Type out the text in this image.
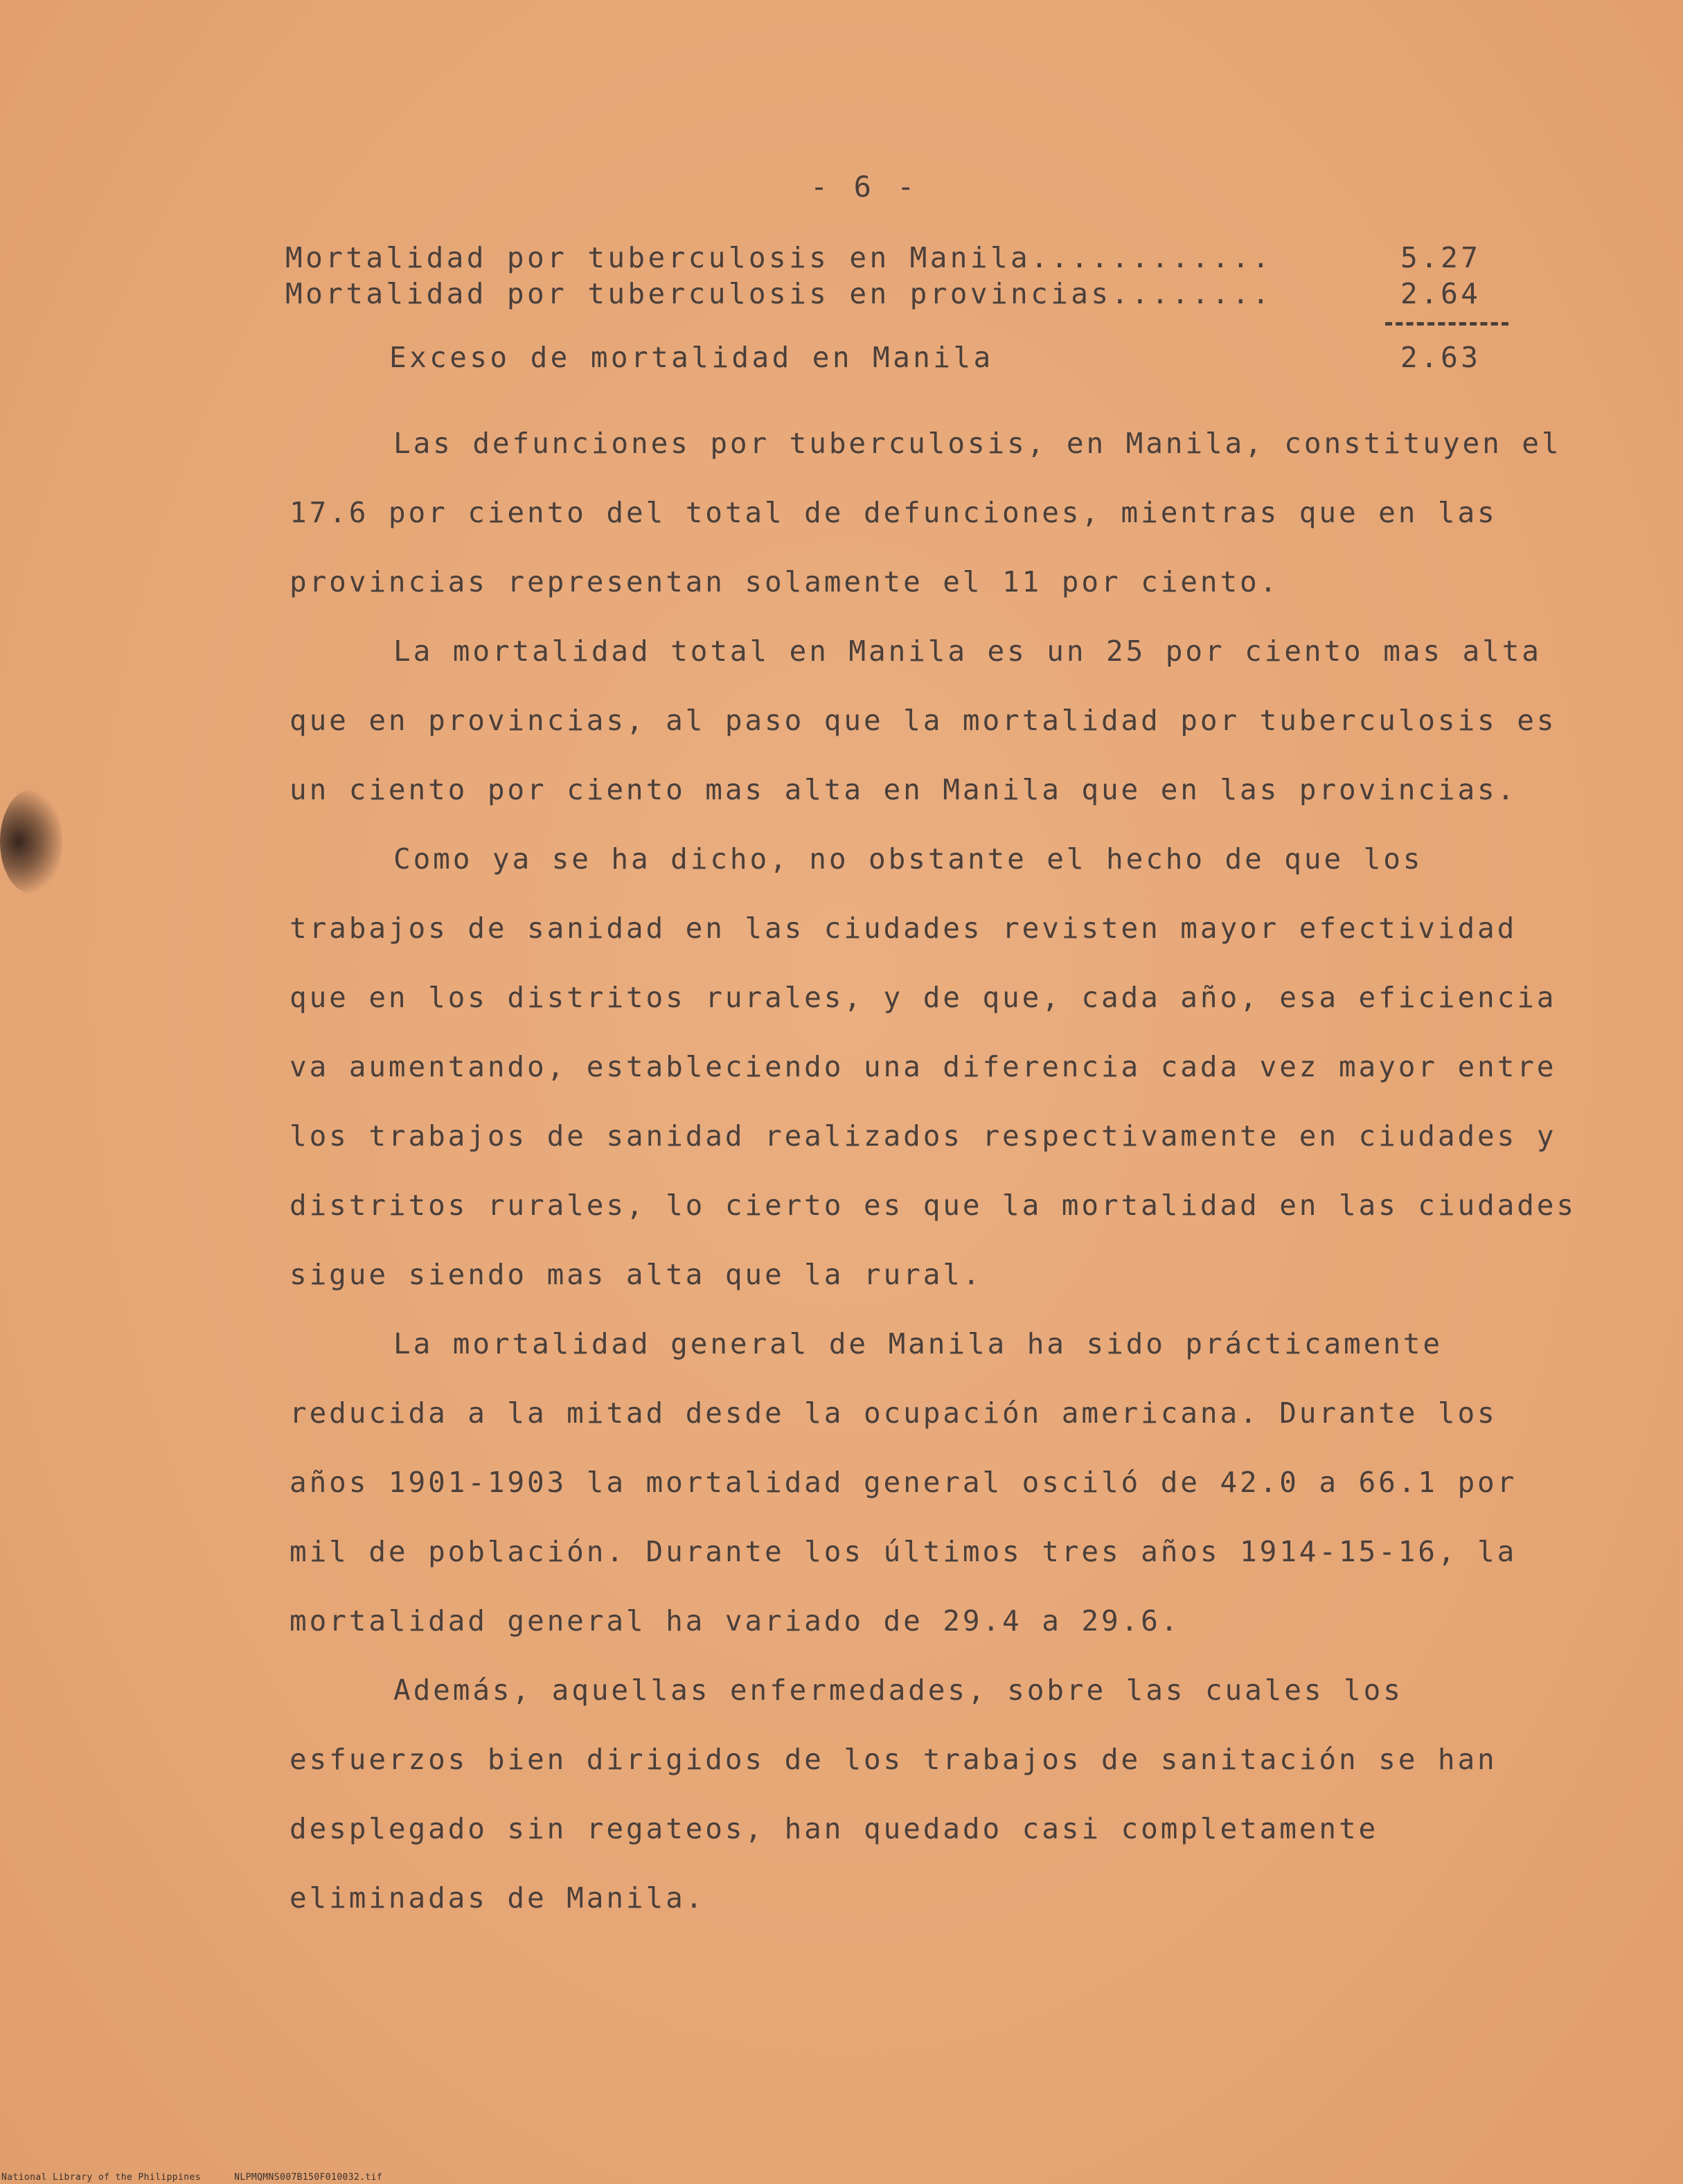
- 6 -
Mortalidad por tuberculosis en Manila............	5.27
Mortalidad por tuberculosis en provincias........	2.64
Exceso de mortalidad en Manila	2.63

Las defunciones por tuberculosis, en Manila, constituyen el 17.6 por ciento del total de defunciones, mientras que en las provincias representan solamente el 11 por ciento.

La mortalidad total en Manila es un 25 por ciento mas alta que en provincias, al paso que la mortalidad por tuberculosis es un ciento por ciento mas alta en Manila que en las provincias.

Como ya se ha dicho, no obstante el hecho de que los trabajos de sanidad en las ciudades revisten mayor efectividad que en los distritos rurales, y de que, cada año, esa eficiencia va aumentando, estableciendo una diferencia cada vez mayor entre los trabajos de sanidad realizados respectivamente en ciudades y distritos rurales, lo cierto es que la mortalidad en las ciudades sigue siendo mas alta que la rural.

La mortalidad general de Manila ha sido prácticamente reducida a la mitad desde la ocupación americana. Durante los años 1901-1903 la mortalidad general osciló de 42.0 a 66.1 por mil de población. Durante los últimos tres años 1914-15-16, la mortalidad general ha variado de 29.4 a 29.6.

Además, aquellas enfermedades, sobre las cuales los esfuerzos bien dirigidos de los trabajos de sanitación se han desplegado sin regateos, han quedado casi completamente eliminadas de Manila.

National Library of the Philippines	NLPMQMNS007B150F010032.tif
